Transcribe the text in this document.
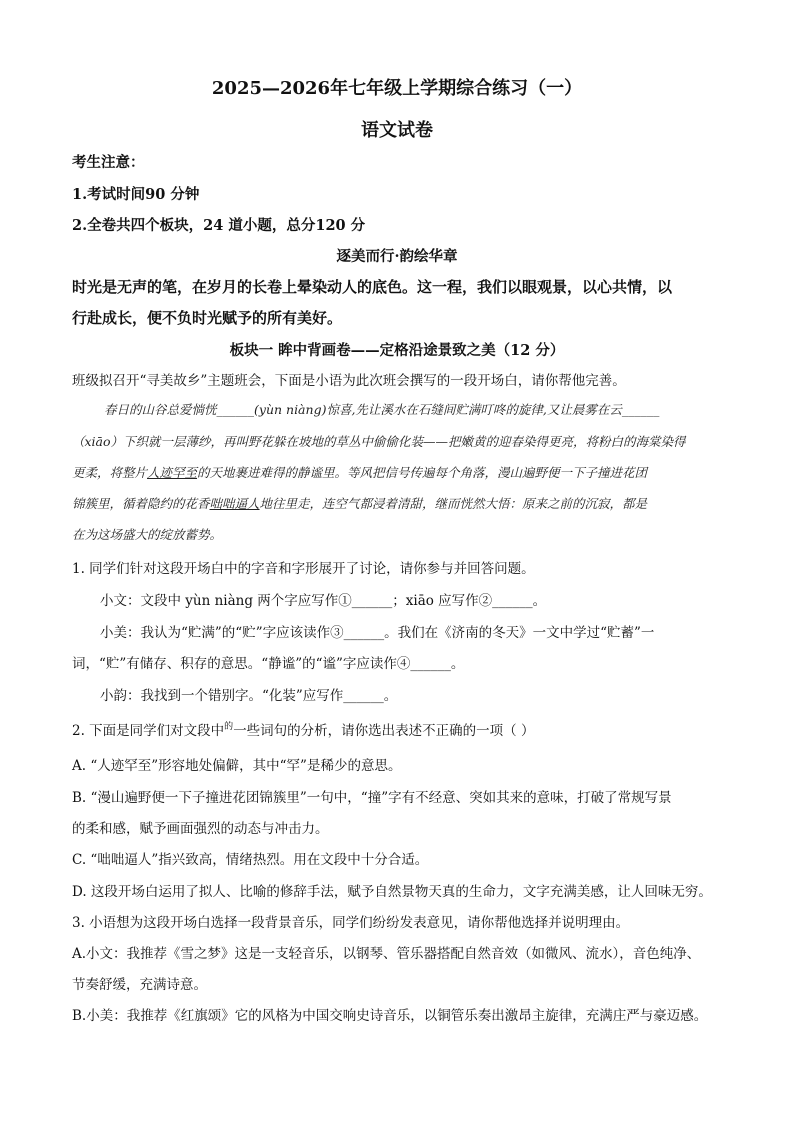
2025—2026年七年级上学期综合练习（一）
语文试卷
考生注意：
1.考试时间90 分钟
2.全卷共四个板块，24 道小题，总分120 分
逐美而行·韵绘华章
时光是无声的笔，在岁月的长卷上晕染动人的底色。这一程，我们以眼观景，以心共情，以
行赴成长，便不负时光赋予的所有美好。
板块一 眸中背画卷——定格沿途景致之美（12 分）
班级拟召开“寻美故乡”主题班会，下面是小语为此次班会撰写的一段开场白，请你帮他完善。
春日的山谷总爱惝恍______(yùn niàng)惊喜,先让溪水在石缝间贮满叮咚的旋律,又让晨雾在云______
（xiāo）下织就一层薄纱，再叫野花躲在坡地的草丛中偷偷化装——把嫩黄的迎春染得更亮，将粉白的海棠染得
更柔，将整片人迹罕至的天地裹进难得的静谧里。等风把信号传遍每个角落，漫山遍野便一下子撞进花团
锦簇里，循着隐约的花香咄咄逼人地往里走，连空气都浸着清甜，继而恍然大悟：原来之前的沉寂，都是
在为这场盛大的绽放蓄势。
1. 同学们针对这段开场白中的字音和字形展开了讨论，请你参与并回答问题。
小文：文段中 yùn niàng 两个字应写作①______；xiāo 应写作②______。
小美：我认为“贮满”的“贮”字应该读作③______。我们在《济南的冬天》一文中学过“贮蓄”一
词，“贮”有储存、积存的意思。“静谧”的“谧”字应读作④______。
小韵：我找到一个错别字。“化装”应写作______。
2. 下面是同学们对文段中$^的$一些词句的分析，请你选出表述不正确的一项（ ）
A. “人迹罕至”形容地处偏僻，其中“罕”是稀少的意思。
B. “漫山遍野便一下子撞进花团锦簇里”一句中，“撞”字有不经意、突如其来的意味，打破了常规写景
的柔和感，赋予画面强烈的动态与冲击力。
C. “咄咄逼人”指兴致高，情绪热烈。用在文段中十分合适。
D. 这段开场白运用了拟人、比喻的修辞手法，赋予自然景物天真的生命力，文字充满美感，让人回味无穷。
3. 小语想为这段开场白选择一段背景音乐，同学们纷纷发表意见，请你帮他选择并说明理由。
A.小文：我推荐《雪之梦》这是一支轻音乐，以钢琴、管乐器搭配自然音效（如微风、流水），音色纯净、
节奏舒缓，充满诗意。
B.小美：我推荐《红旗颂》它的风格为中国交响史诗音乐，以铜管乐奏出激昂主旋律，充满庄严与豪迈感。
